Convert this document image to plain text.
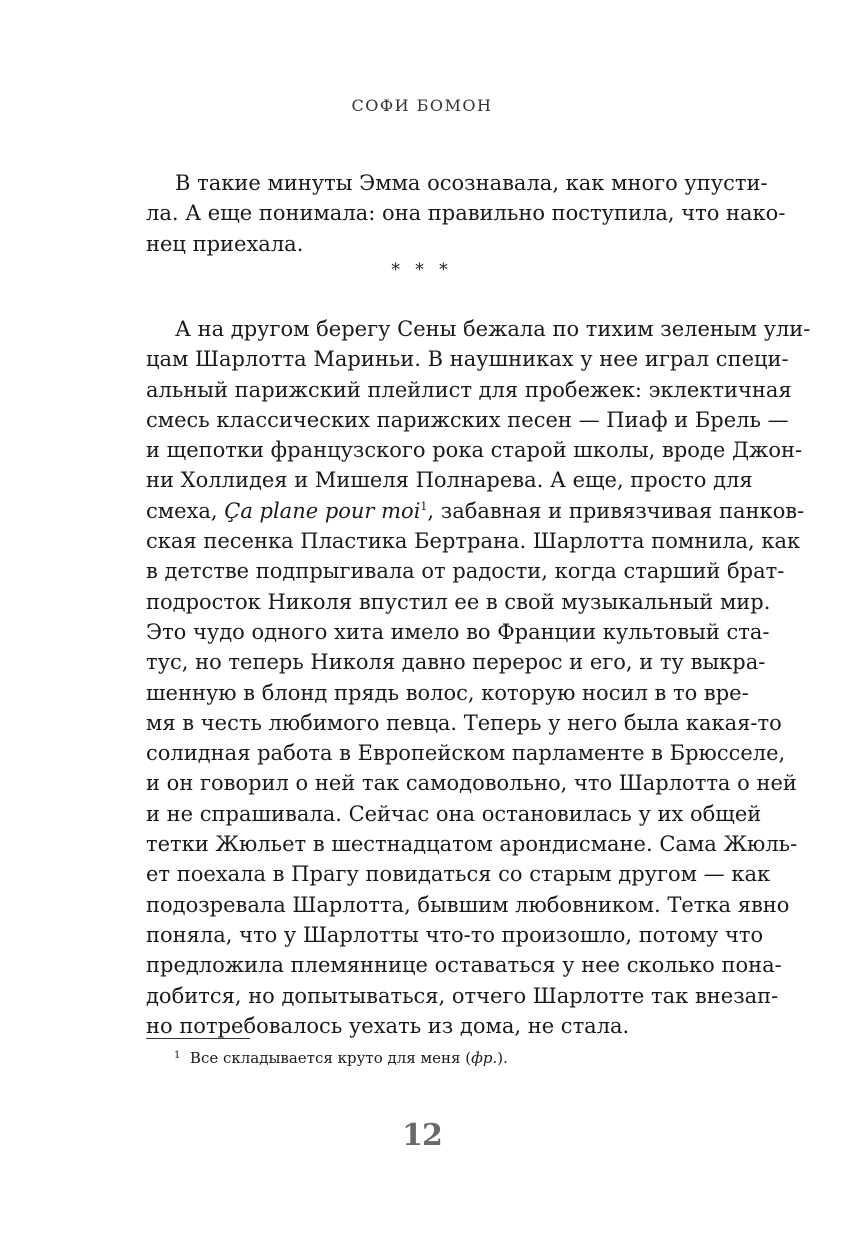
СОФИ БОМОН
В такие минуты Эмма осознавала, как много упусти-
ла. А еще понимала: она правильно поступила, что нако-
нец приехала.
* * *
А на другом берегу Сены бежала по тихим зеленым ули-
цам Шарлотта Мариньи. В наушниках у нее играл специ-
альный парижский плейлист для пробежек: эклектичная
смесь классических парижских песен — Пиаф и Брель —
и щепотки французского рока старой школы, вроде Джон-
ни Холлидея и Мишеля Полнарева. А еще, просто для
смеха, Ça plane pour moi$^1$, забавная и привязчивая панков-
ская песенка Пластика Бертрана. Шарлотта помнила, как
в детстве подпрыгивала от радости, когда старший брат-
подросток Николя впустил ее в свой музыкальный мир.
Это чудо одного хита имело во Франции культовый ста-
тус, но теперь Николя давно перерос и его, и ту выкра-
шенную в блонд прядь волос, которую носил в то вре-
мя в честь любимого певца. Теперь у него была какая-то
солидная работа в Европейском парламенте в Брюсселе,
и он говорил о ней так самодовольно, что Шарлотта о ней
и не спрашивала. Сейчас она остановилась у их общей
тетки Жюльет в шестнадцатом арондисмане. Сама Жюль-
ет поехала в Прагу повидаться со старым другом — как
подозревала Шарлотта, бывшим любовником. Тетка явно
поняла, что у Шарлотты что-то произошло, потому что
предложила племяннице оставаться у нее сколько пона-
добится, но допытываться, отчего Шарлотте так внезап-
но потребовалось уехать из дома, не стала.
$^1$ Все складывается круто для меня (фр.).
12
